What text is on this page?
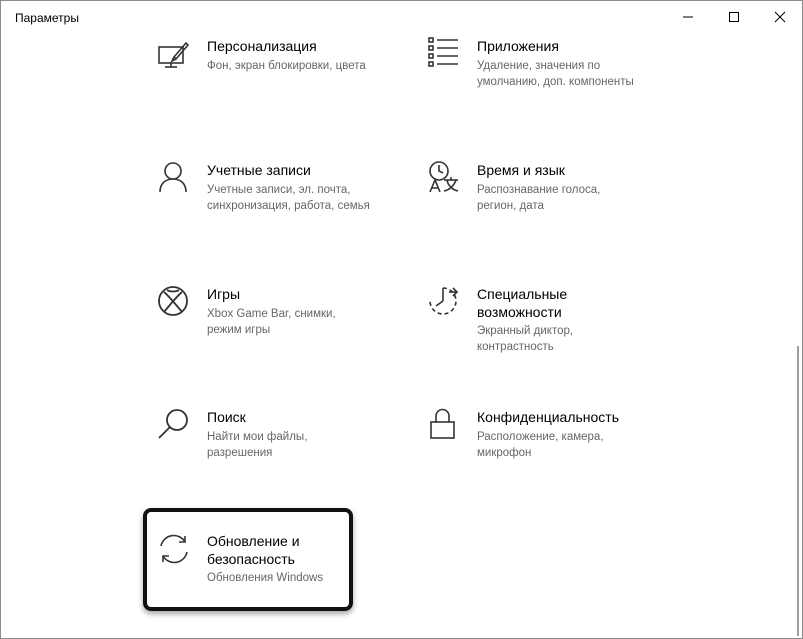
Параметры
Персонализация
Фон, экран блокировки, цвета
Приложения
Удаление, значения по
умолчанию, доп. компоненты
Учетные записи
Учетные записи, эл. почта,
синхронизация, работа, семья
Время и язык
Распознавание голоса,
регион, дата
Игры
Xbox Game Bar, снимки,
режим игры
Специальные
возможности
Экранный диктор,
контрастность
Поиск
Найти мои файлы,
разрешения
Конфиденциальность
Расположение, камера,
микрофон
Обновление и
безопасность
Обновления Windows
